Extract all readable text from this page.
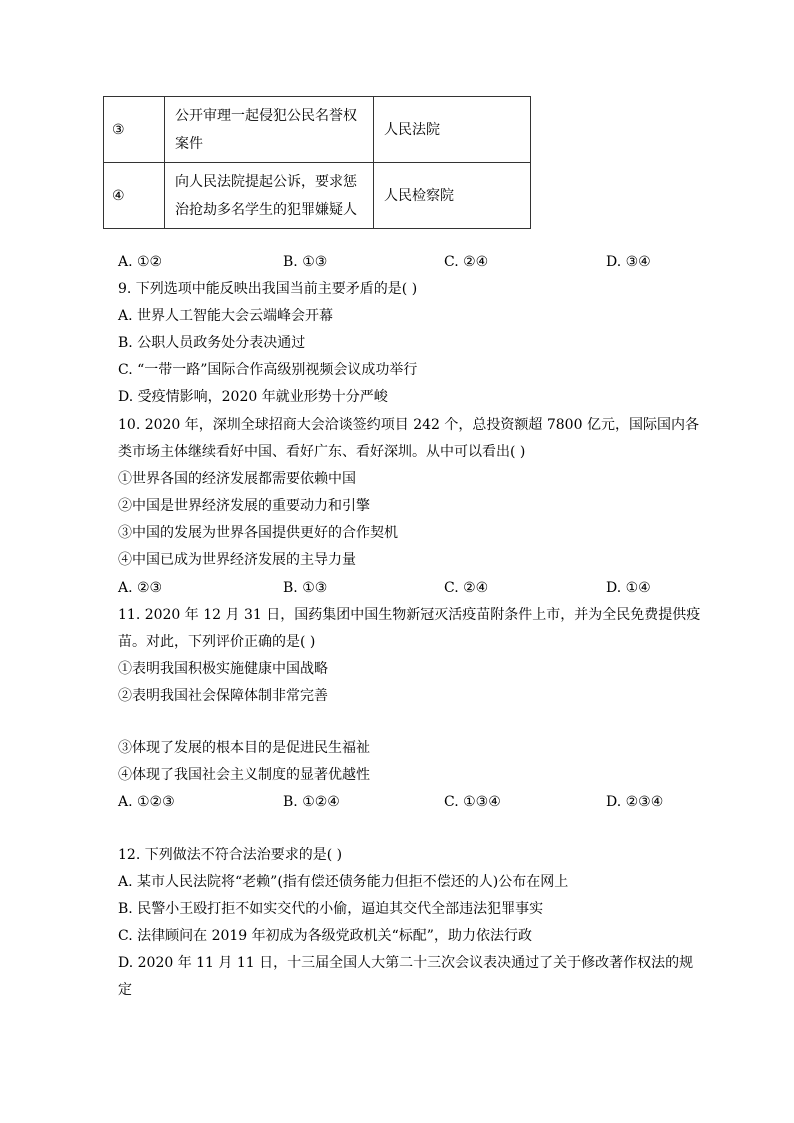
③	公开审理一起侵犯公民名誉权案件	人民法院
④	向人民法院提起公诉，要求惩治抢劫多名学生的犯罪嫌疑人	人民检察院
A. ①②	B. ①③	C. ②④	D. ③④
9. 下列选项中能反映出我国当前主要矛盾的是( )
A. 世界人工智能大会云端峰会开幕
B. 公职人员政务处分表决通过
C. “一带一路”国际合作高级别视频会议成功举行
D. 受疫情影响，2020 年就业形势十分严峻
10. 2020 年，深圳全球招商大会洽谈签约项目 242 个，总投资额超 7800 亿元，国际国内各
类市场主体继续看好中国、看好广东、看好深圳。从中可以看出( )
①世界各国的经济发展都需要依赖中国
②中国是世界经济发展的重要动力和引擎
③中国的发展为世界各国提供更好的合作契机
④中国已成为世界经济发展的主导力量
A. ②③	B. ①③	C. ②④	D. ①④
11. 2020 年 12 月 31 日，国药集团中国生物新冠灭活疫苗附条件上市，并为全民免费提供疫
苗。对此，下列评价正确的是( )
①表明我国积极实施健康中国战略
②表明我国社会保障体制非常完善
③体现了发展的根本目的是促进民生福祉
④体现了我国社会主义制度的显著优越性
A. ①②③	B. ①②④	C. ①③④	D. ②③④
12. 下列做法不符合法治要求的是( )
A. 某市人民法院将“老赖”(指有偿还债务能力但拒不偿还的人)公布在网上
B. 民警小王殴打拒不如实交代的小偷，逼迫其交代全部违法犯罪事实
C. 法律顾问在 2019 年初成为各级党政机关“标配”，助力依法行政
D. 2020 年 11 月 11 日，十三届全国人大第二十三次会议表决通过了关于修改著作权法的规
定
